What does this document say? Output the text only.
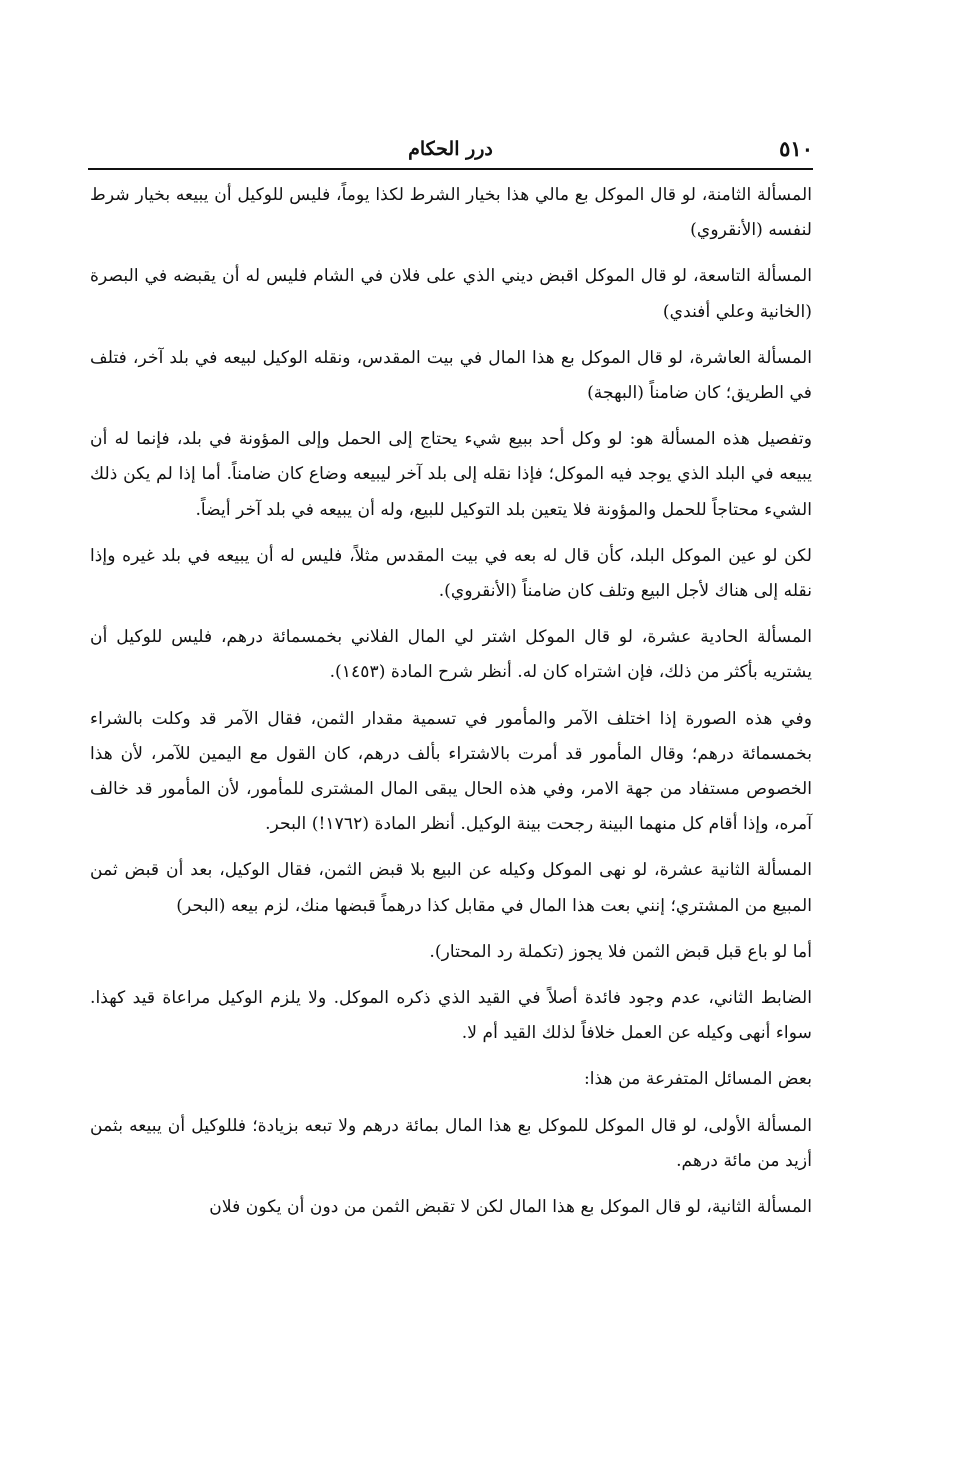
٥١٠
درر الحكام

المسألة الثامنة، لو قال الموكل بع مالي هذا بخيار الشرط لكذا يوماً، فليس للوكيل أن يبيعه بخيار شرط لنفسه (الأنقروي)

المسألة التاسعة، لو قال الموكل اقبض ديني الذي على فلان في الشام فليس له أن يقبضه في البصرة (الخانية وعلي أفندي)

المسألة العاشرة، لو قال الموكل بع هذا المال في بيت المقدس، ونقله الوكيل لبيعه في بلد آخر، فتلف في الطريق؛ كان ضامناً (البهجة)

وتفصيل هذه المسألة هو: لو وكل أحد ببيع شيء يحتاج إلى الحمل وإلى المؤونة في بلد، فإنما له أن يبيعه في البلد الذي يوجد فيه الموكل؛ فإذا نقله إلى بلد آخر ليبيعه وضاع كان ضامناً. أما إذا لم يكن ذلك الشيء محتاجاً للحمل والمؤونة فلا يتعين بلد التوكيل للبيع، وله أن يبيعه في بلد آخر أيضاً.

لكن لو عين الموكل البلد، كأن قال له بعه في بيت المقدس مثلاً، فليس له أن يبيعه في بلد غيره وإذا نقله إلى هناك لأجل البيع وتلف كان ضامناً (الأنقروي).

المسألة الحادية عشرة، لو قال الموكل اشتر لي المال الفلاني بخمسمائة درهم، فليس للوكيل أن يشتريه بأكثر من ذلك، فإن اشتراه كان له. أنظر شرح المادة (١٤٥٣).

وفي هذه الصورة إذا اختلف الآمر والمأمور في تسمية مقدار الثمن، فقال الآمر قد وكلت بالشراء بخمسمائة درهم؛ وقال المأمور قد أمرت بالاشتراء بألف درهم، كان القول مع اليمين للآمر، لأن هذا الخصوص مستفاد من جهة الامر، وفي هذه الحال يبقى المال المشترى للمأمور، لأن المأمور قد خالف آمره، وإذا أقام كل منهما البينة رجحت بينة الوكيل. أنظر المادة (١٧٦٢!) البحر.

المسألة الثانية عشرة، لو نهى الموكل وكيله عن البيع بلا قبض الثمن، فقال الوكيل، بعد أن قبض ثمن المبيع من المشتري؛ إنني بعت هذا المال في مقابل كذا درهماً قبضها منك، لزم بيعه (البحر)

أما لو باع قبل قبض الثمن فلا يجوز (تكملة رد المحتار).

الضابط الثاني، عدم وجود فائدة أصلاً في القيد الذي ذكره الموكل. ولا يلزم الوكيل مراعاة قيد كهذا. سواء أنهى وكيله عن العمل خلافاً لذلك القيد أم لا.

بعض المسائل المتفرعة من هذا:

المسألة الأولى، لو قال الموكل للموكل بع هذا المال بمائة درهم ولا تبعه بزيادة؛ فللوكيل أن يبيعه بثمن أزيد من مائة درهم.

المسألة الثانية، لو قال الموكل بع هذا المال لكن لا تقبض الثمن من دون أن يكون فلان
